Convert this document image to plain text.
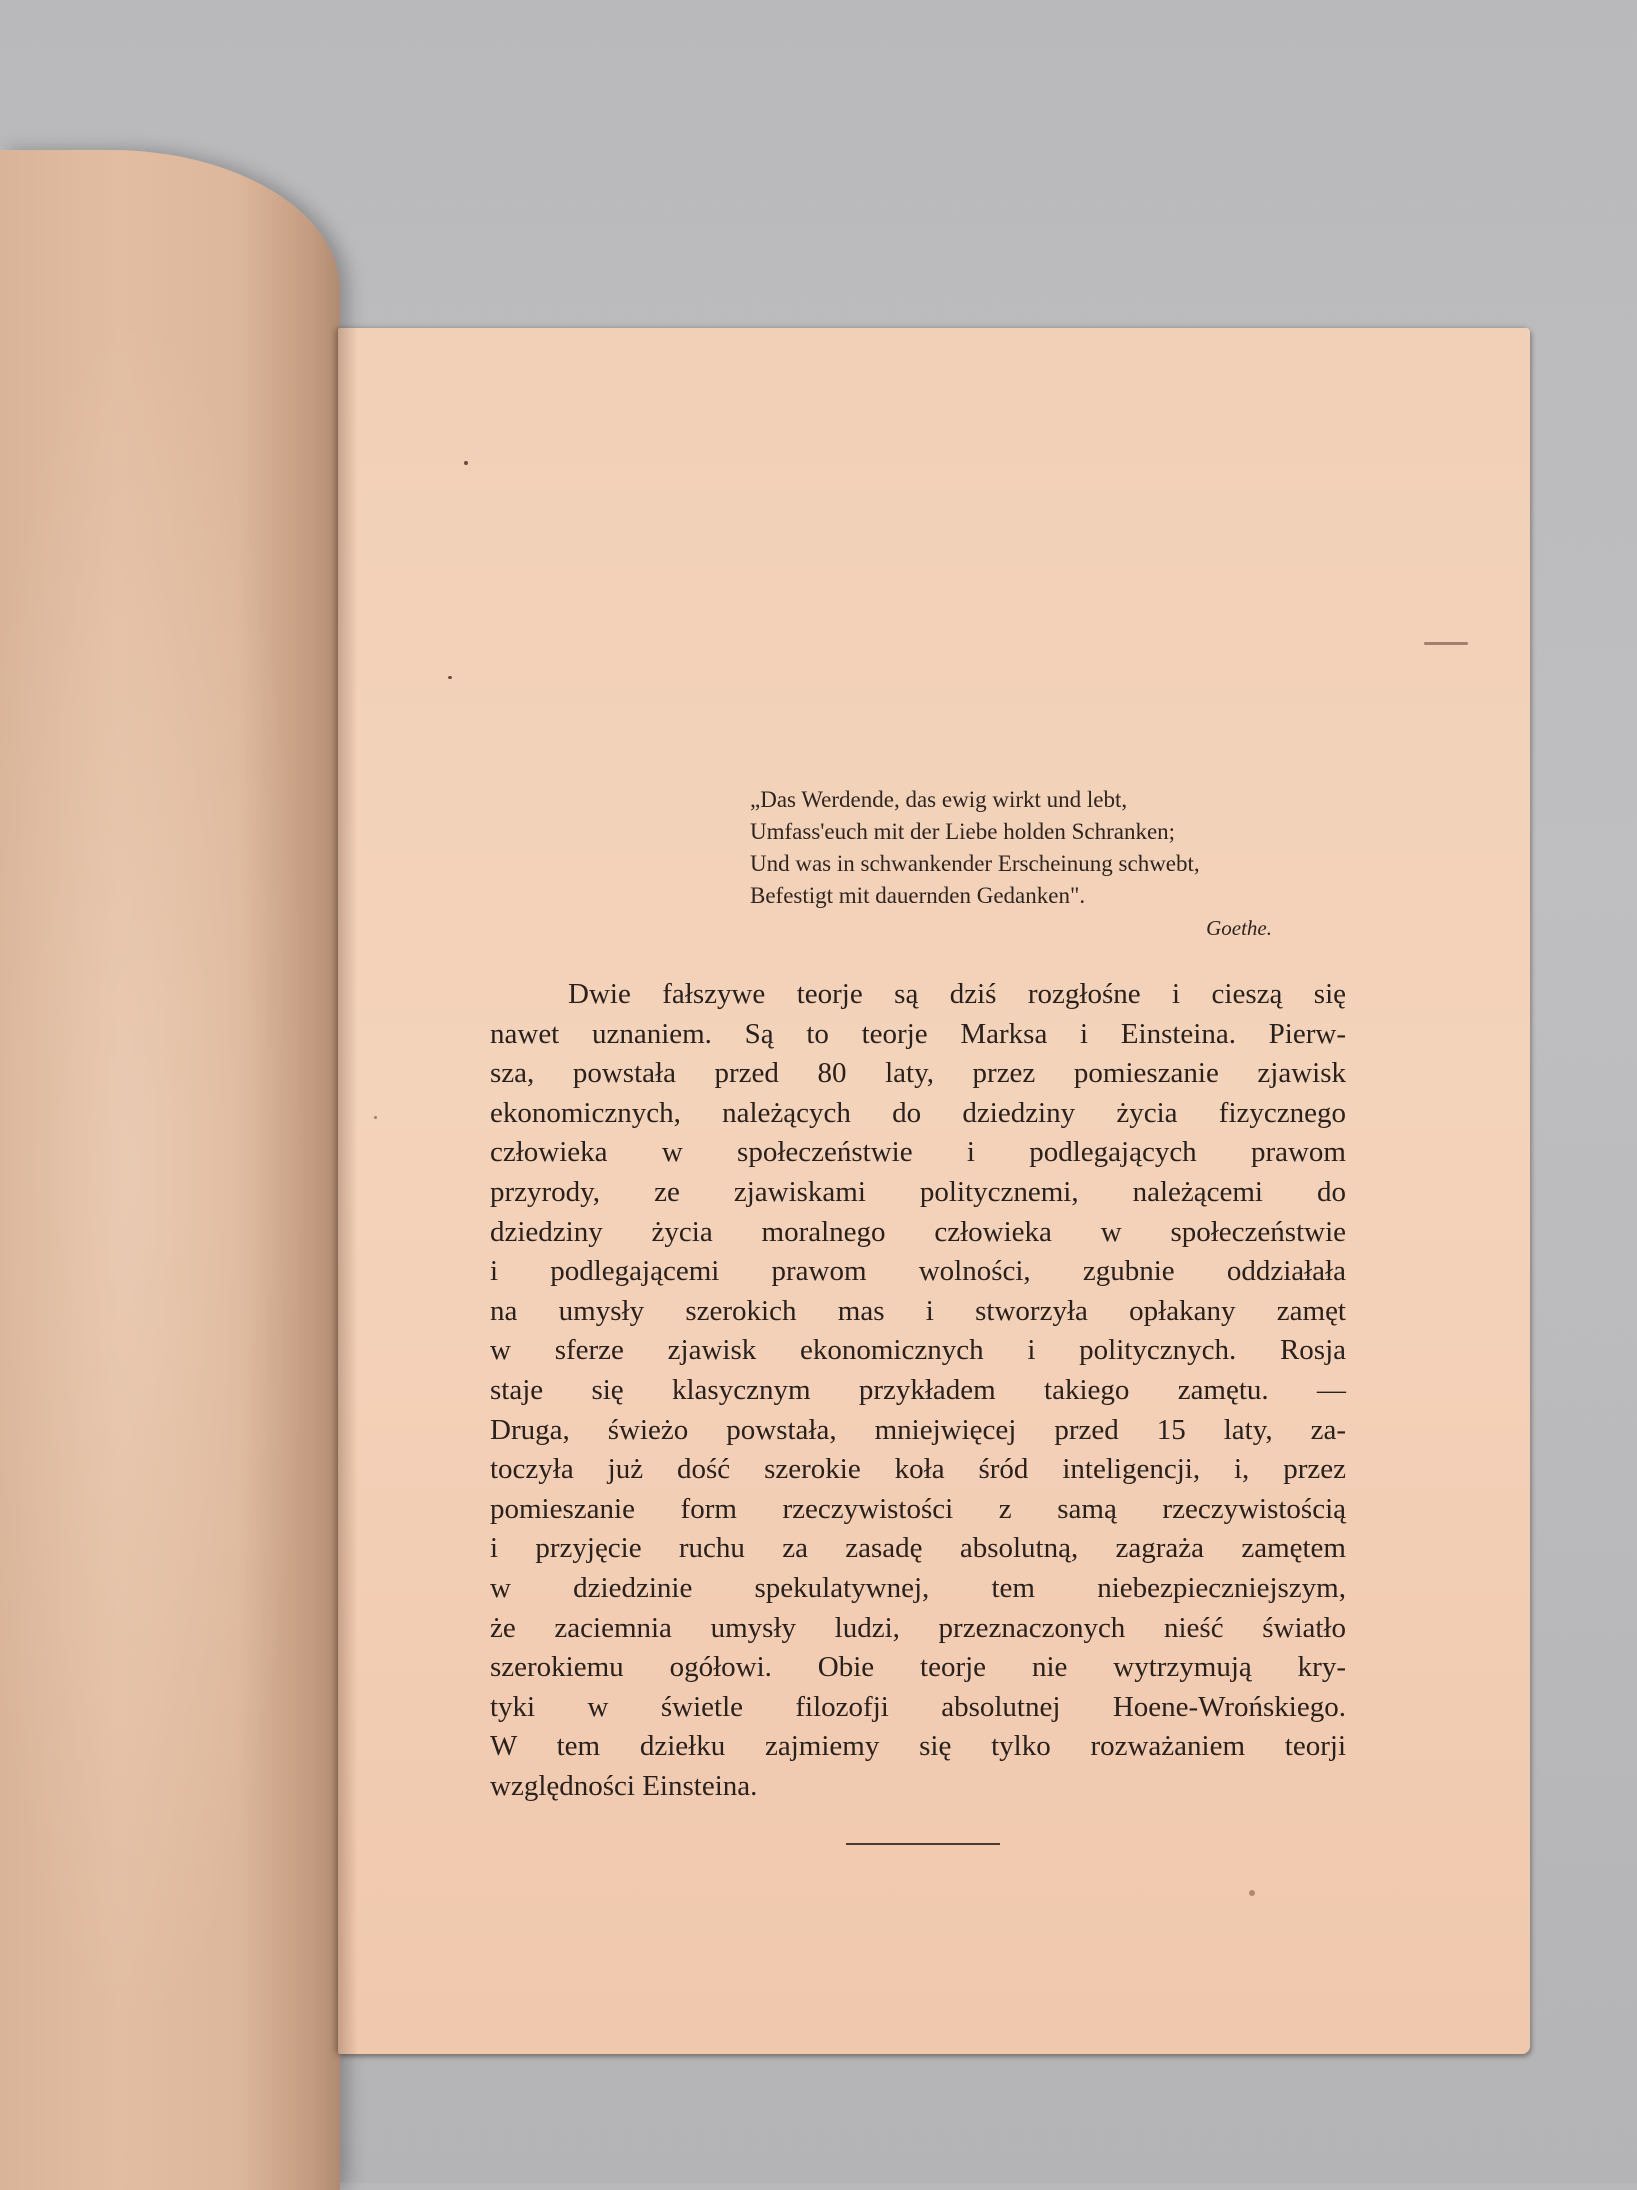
„Das Werdende, das ewig wirkt und lebt,
Umfass'euch mit der Liebe holden Schranken;
Und was in schwankender Erscheinung schwebt,
Befestigt mit dauernden Gedanken".
Goethe.
Dwie fałszywe teorje są dziś rozgłośne i cieszą się
nawet uznaniem. Są to teorje Marksa i Einsteina. Pierw-
sza, powstała przed 80 laty, przez pomieszanie zjawisk
ekonomicznych, należących do dziedziny życia fizycznego
człowieka w społeczeństwie i podlegających prawom
przyrody, ze zjawiskami politycznemi, należącemi do
dziedziny życia moralnego człowieka w społeczeństwie
i podlegającemi prawom wolności, zgubnie oddziałała
na umysły szerokich mas i stworzyła opłakany zamęt
w sferze zjawisk ekonomicznych i politycznych. Rosja
staje się klasycznym przykładem takiego zamętu. —
Druga, świeżo powstała, mniejwięcej przed 15 laty, za-
toczyła już dość szerokie koła śród inteligencji, i, przez
pomieszanie form rzeczywistości z samą rzeczywistością
i przyjęcie ruchu za zasadę absolutną, zagraża zamętem
w dziedzinie spekulatywnej, tem niebezpieczniejszym,
że zaciemnia umysły ludzi, przeznaczonych nieść światło
szerokiemu ogółowi. Obie teorje nie wytrzymują kry-
tyki w świetle filozofji absolutnej Hoene-Wrońskiego.
W tem dziełku zajmiemy się tylko rozważaniem teorji
względności Einsteina.
